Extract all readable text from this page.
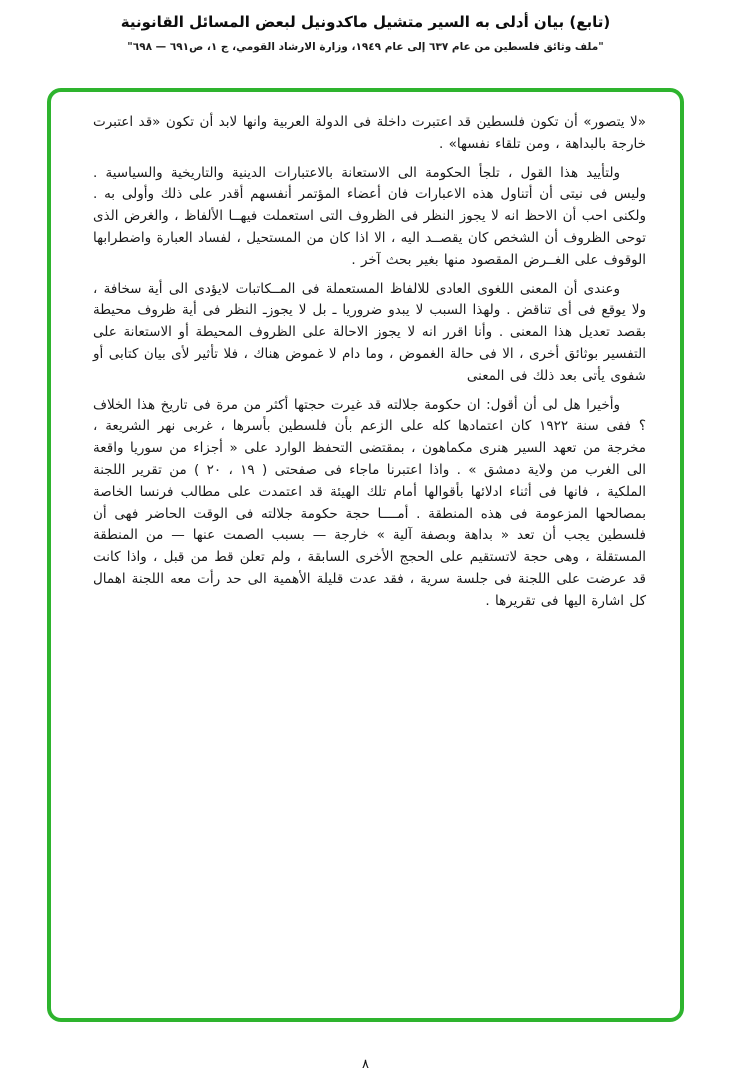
(تابع) بيان أدلى به السير متشيل ماكدونيل لبعض المسائل القانونية
"ملف وثائق فلسطين من عام ٦٣٧ إلى عام ١٩٤٩، وزارة الارشاد القومي، ج ١، ص٦٩١ — ٦٩٨"

«لا يتصور» أن تكون فلسطين قد اعتبرت داخلة فى الدولة العربية وانها لابد أن تكون «قد اعتبرت خارجة بالبداهة ، ومن تلقاء نفسها» .

ولتأييد هذا القول ، تلجأ الحكومة الى الاستعانة بالاعتبارات الدينية والتاريخية والسياسية . وليس فى نيتى أن أتناول هذه الاعبارات فان أعضاء المؤتمر أنفسهم أقدر على ذلك وأولى به . ولكنى احب أن الاحظ انه لا يجوز النظر فى الظروف التى استعملت فيهــا الألفاظ ، والغرض الذى توحى الظروف أن الشخص كان يقصــد اليه ، الا اذا كان من المستحيل ، لفساد العبارة واضطرابها الوقوف على الغــرض المقصود منها بغير بحث آخر .

وعندى أن المعنى اللغوى العادى للالفاظ المستعملة فى المــكاتبات لايؤدى الى أية سخافة ، ولا يوقع فى أى تناقض . ولهذا السبب لا يبدو ضروريا ـ بل لا يجوزـ النظر فى أية ظروف محيطة بقصد تعديل هذا المعنى . وأنا اقرر انه لا يجوز الاحالة على الظروف المحيطة أو الاستعانة على التفسير بوثائق أخرى ، الا فى حالة الغموض ، وما دام لا غموض هناك ، فلا تأثير لأى بيان كتابى أو شفوى يأتى بعد ذلك فى المعنى

وأخيرا هل لى أن أقول: ان حكومة جلالته قد غيرت حجتها أكثر من مرة فى تاريخ هذا الخلاف ؟ ففى سنة ١٩٢٢ كان اعتمادها كله على الزعم بأن فلسطين بأسرها ، غربى نهر الشريعة ، مخرجة من تعهد السير هنرى مكماهون ، بمقتضى التحفظ الوارد على « أجزاء من سوريا واقعة الى الغرب من ولاية دمشق » . واذا اعتبرنا ماجاء فى صفحتى ( ١٩ ، ٢٠ ) من تقرير اللجنة الملكية ، فانها فى أثناء ادلائها بأقوالها أمام تلك الهيئة قد اعتمدت على مطالب فرنسا الخاصة بمصالحها المزعومة فى هذه المنطقة . أمــــا حجة حكومة جلالته فى الوقت الحاضر فهى أن فلسطين يجب أن تعد « بداهة وبصفة آلية » خارجة — بسبب الصمت عنها — من المنطقة المستقلة ، وهى حجة لاتستقيم على الحجج الأخرى السابقة ، ولم تعلن قط من قبل ، واذا كانت قد عرضت على اللجنة فى جلسة سرية ، فقد عدت قليلة الأهمية الى حد رأت معه اللجنة اهمال كل اشارة اليها فى تقريرها .

٨
